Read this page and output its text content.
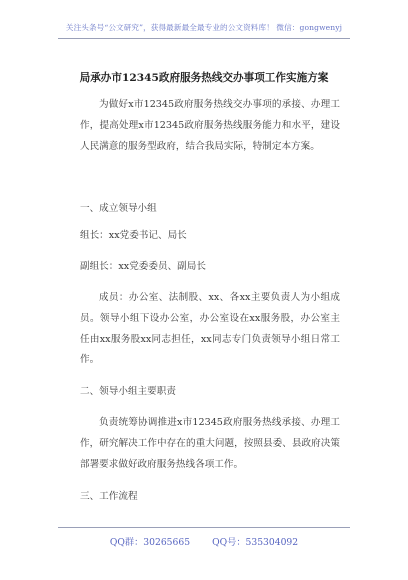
关注头条号“公文研究”，获得最新最全最专业的公文资料库！ 微信：gongwenyj
局承办市12345政府服务热线交办事项工作实施方案
为做好x市12345政府服务热线交办事项的承接、办理工作，提高处理x市12345政府服务热线服务能力和水平，建设人民满意的服务型政府，结合我局实际，特制定本方案。
一、成立领导小组
组长：xx党委书记、局长
副组长：xx党委委员、副局长
成员：办公室、法制股、xx、各xx主要负责人为小组成员。领导小组下设办公室，办公室设在xx服务股，办公室主任由xx服务股xx同志担任，xx同志专门负责领导小组日常工作。
二、领导小组主要职责
负责统筹协调推进x市12345政府服务热线承接、办理工作，研究解决工作中存在的重大问题，按照县委、县政府决策部署要求做好政府服务热线各项工作。
三、工作流程
QQ群：30265665 QQ号：535304092
